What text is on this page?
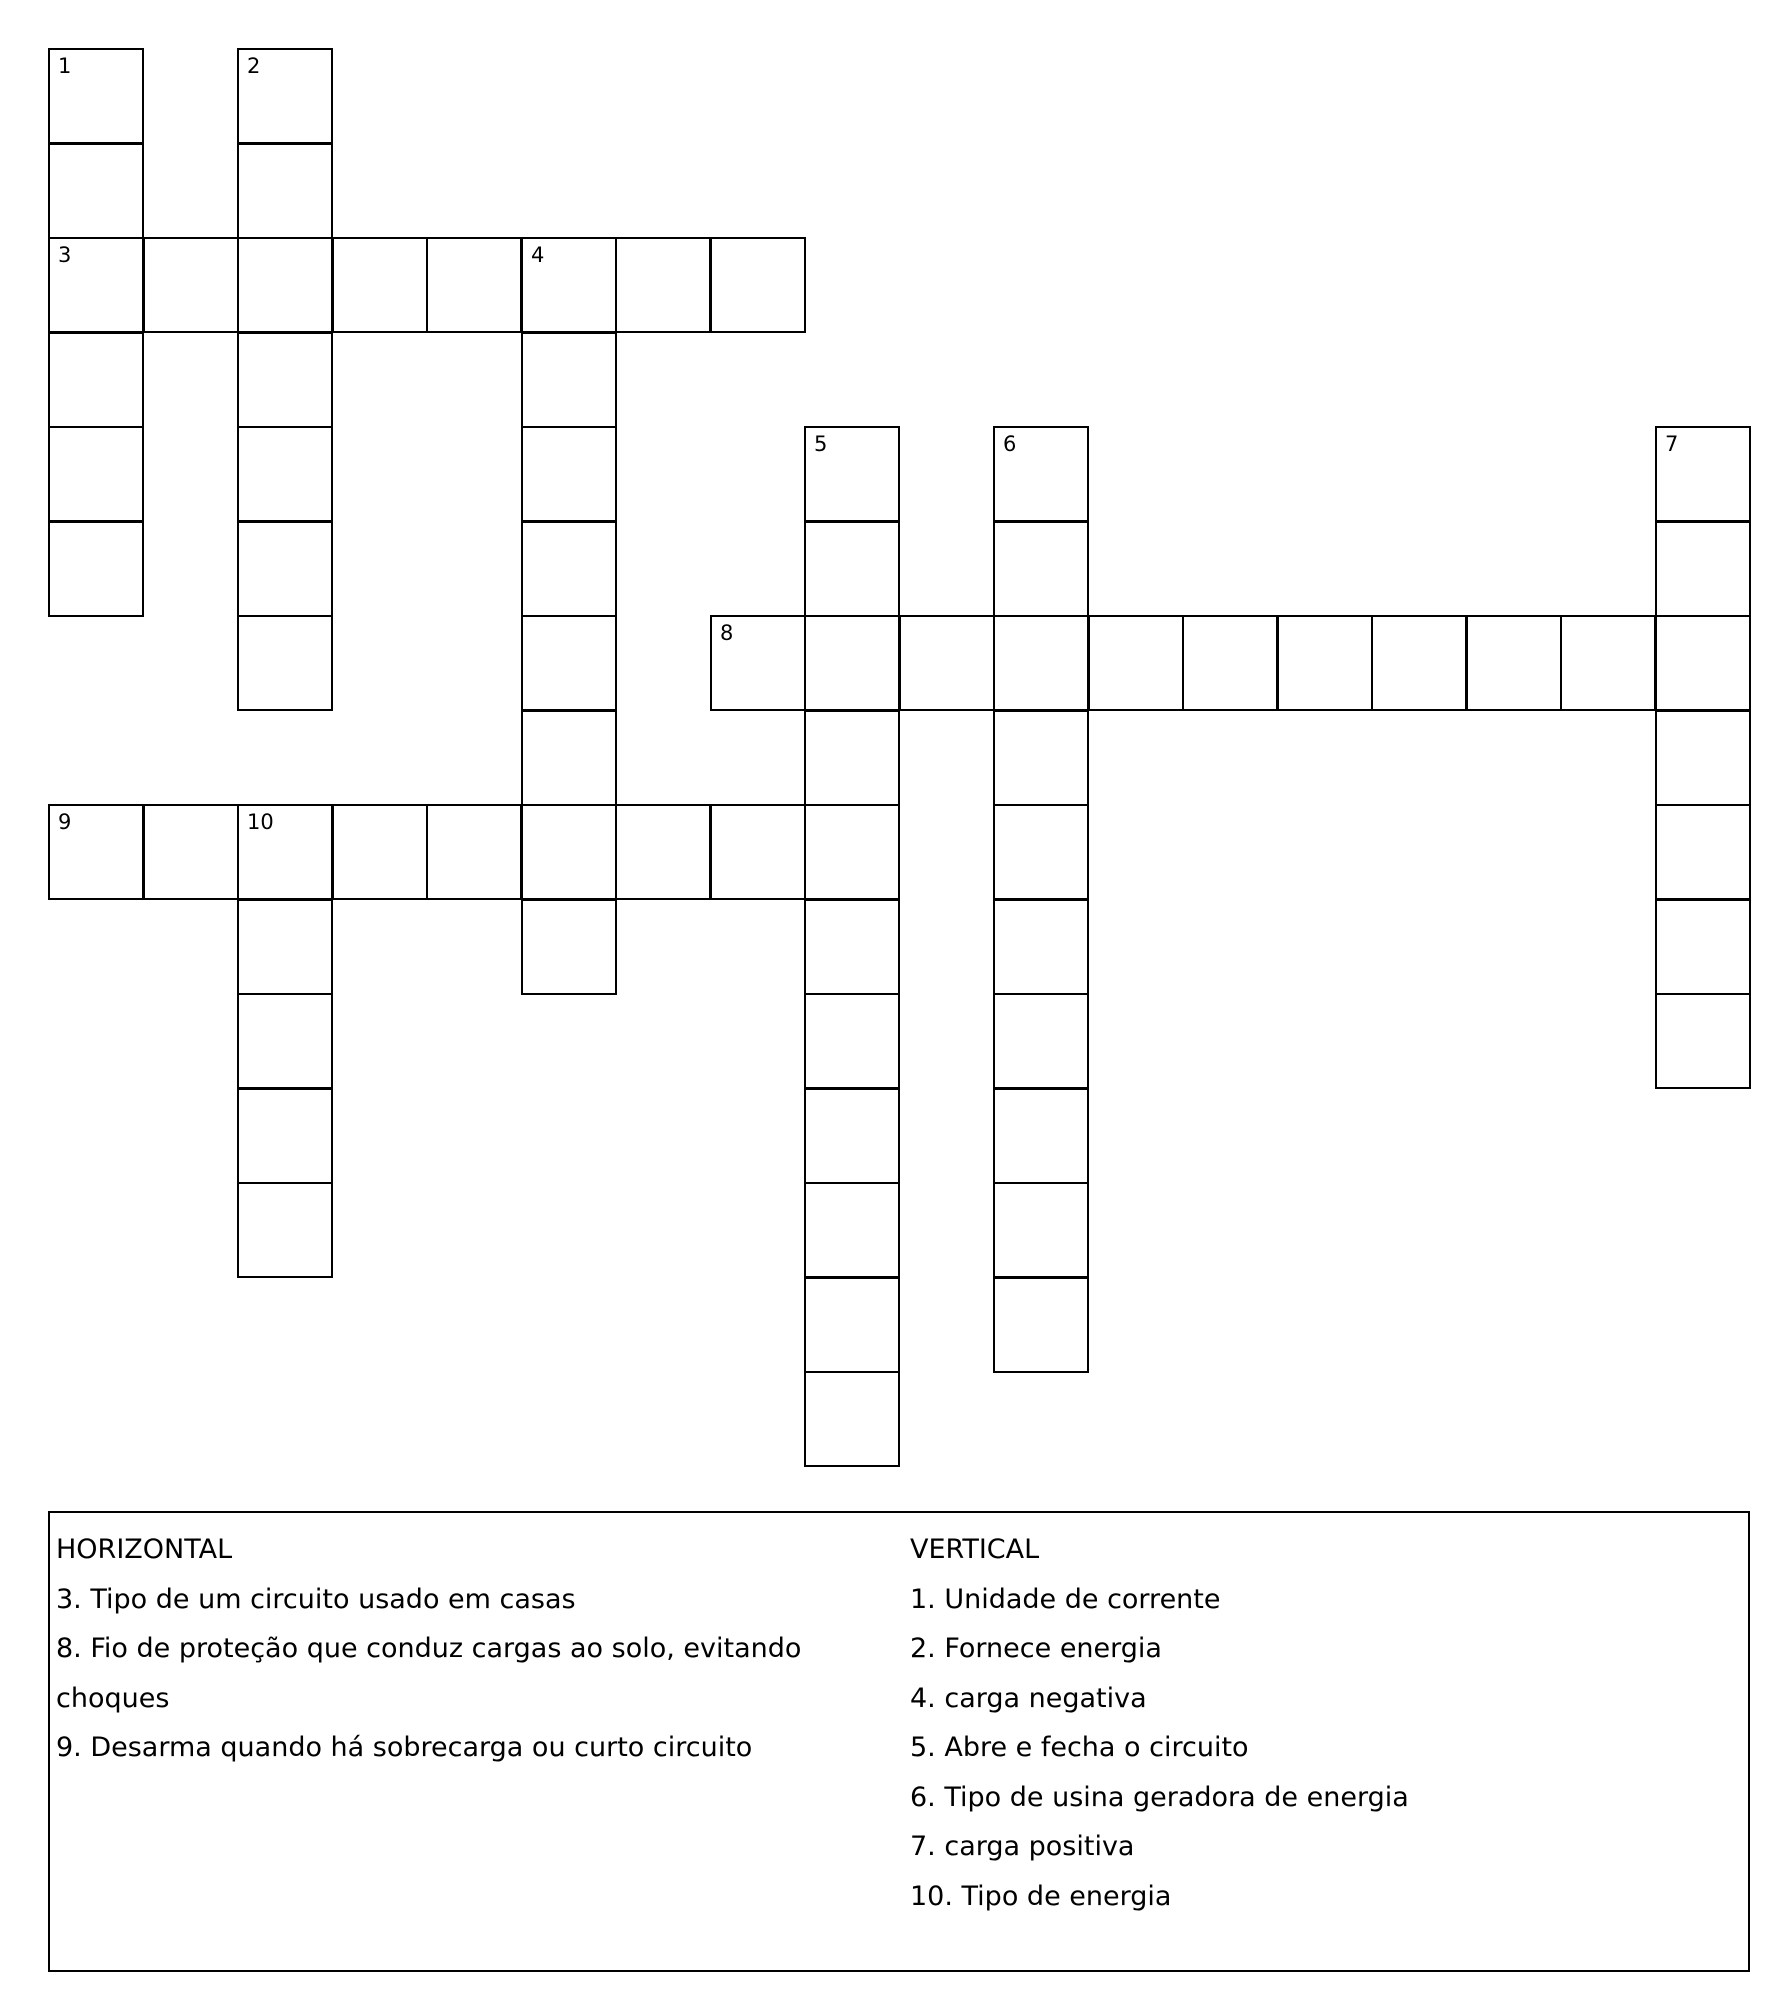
1
3
2
4
5	6	7
8
9	10
HORIZONTAL
3. Tipo de um circuito usado em casas
8. Fio de proteção que conduz cargas ao solo, evitando choques
9. Desarma quando há sobrecarga ou curto circuito
VERTICAL
1. Unidade de corrente
2. Fornece energia
4. carga negativa
5. Abre e fecha o circuito
6. Tipo de usina geradora de energia
7. carga positiva
10. Tipo de energia
